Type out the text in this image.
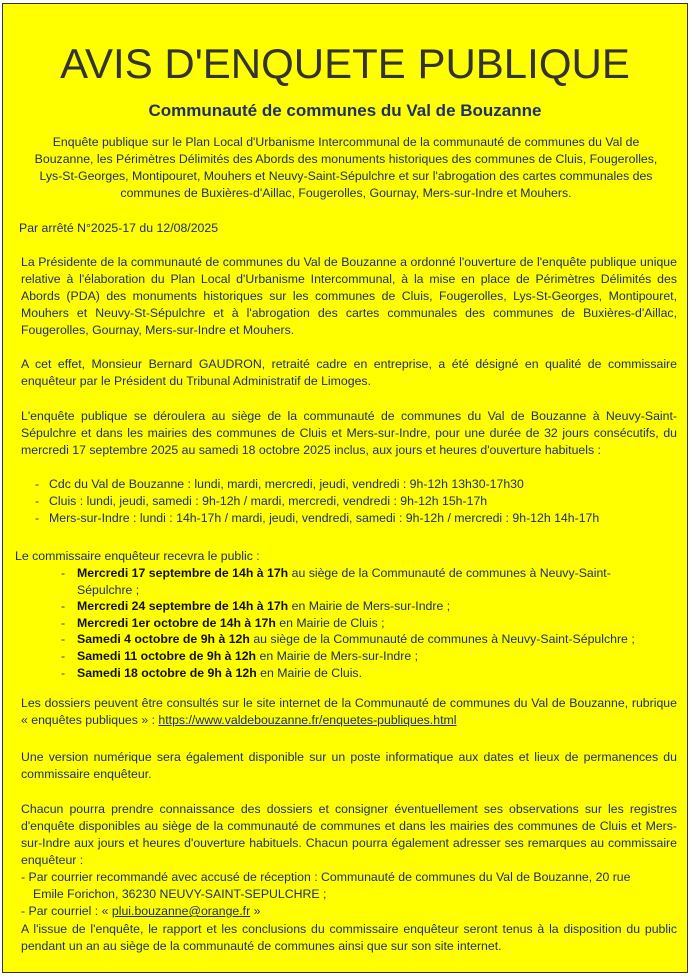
AVIS D'ENQUETE PUBLIQUE
Communauté de communes du Val de Bouzanne
Enquête publique sur le Plan Local d'Urbanisme Intercommunal de la communauté de communes du Val de Bouzanne, les Périmètres Délimités des Abords des monuments historiques des communes de Cluis, Fougerolles, Lys-St-Georges, Montipouret, Mouhers et Neuvy-Saint-Sépulchre et sur l'abrogation des cartes communales des communes de Buxières-d'Aillac, Fougerolles, Gournay, Mers-sur-Indre et Mouhers.
Par arrêté N°2025-17 du 12/08/2025
La Présidente de la communauté de communes du Val de Bouzanne a ordonné l'ouverture de l'enquête publique unique relative à l'élaboration du Plan Local d'Urbanisme Intercommunal, à la mise en place de Périmètres Délimités des Abords (PDA) des monuments historiques sur les communes de Cluis, Fougerolles, Lys-St-Georges, Montipouret, Mouhers et Neuvy-St-Sépulchre et à l'abrogation des cartes communales des communes de Buxières-d'Aillac, Fougerolles, Gournay, Mers-sur-Indre et Mouhers.
A cet effet, Monsieur Bernard GAUDRON, retraité cadre en entreprise, a été désigné en qualité de commissaire enquêteur par le Président du Tribunal Administratif de Limoges.
L'enquête publique se déroulera au siège de la communauté de communes du Val de Bouzanne à Neuvy-Saint-Sépulchre et dans les mairies des communes de Cluis et Mers-sur-Indre, pour une durée de 32 jours consécutifs, du mercredi 17 septembre 2025 au samedi 18 octobre 2025 inclus, aux jours et heures d'ouverture habituels :
- Cdc du Val de Bouzanne : lundi, mardi, mercredi, jeudi, vendredi : 9h-12h 13h30-17h30
- Cluis : lundi, jeudi, samedi : 9h-12h / mardi, mercredi, vendredi : 9h-12h 15h-17h
- Mers-sur-Indre : lundi : 14h-17h / mardi, jeudi, vendredi, samedi : 9h-12h / mercredi : 9h-12h 14h-17h
Le commissaire enquêteur recevra le public :
- Mercredi 17 septembre de 14h à 17h au siège de la Communauté de communes à Neuvy-Saint-Sépulchre ;
- Mercredi 24 septembre de 14h à 17h en Mairie de Mers-sur-Indre ;
- Mercredi 1er octobre de 14h à 17h en Mairie de Cluis ;
- Samedi 4 octobre de 9h à 12h au siège de la Communauté de communes à Neuvy-Saint-Sépulchre ;
- Samedi 11 octobre de 9h à 12h en Mairie de Mers-sur-Indre ;
- Samedi 18 octobre de 9h à 12h en Mairie de Cluis.
Les dossiers peuvent être consultés sur le site internet de la Communauté de communes du Val de Bouzanne, rubrique « enquêtes publiques » : https://www.valdebouzanne.fr/enquetes-publiques.html
Une version numérique sera également disponible sur un poste informatique aux dates et lieux de permanences du commissaire enquêteur.
Chacun pourra prendre connaissance des dossiers et consigner éventuellement ses observations sur les registres d'enquête disponibles au siège de la communauté de communes et dans les mairies des communes de Cluis et Mers-sur-Indre aux jours et heures d'ouverture habituels. Chacun pourra également adresser ses remarques au commissaire enquêteur :
- Par courrier recommandé avec accusé de réception : Communauté de communes du Val de Bouzanne, 20 rue
Emile Forichon, 36230 NEUVY-SAINT-SEPULCHRE ;
- Par courriel : « plui.bouzanne@orange.fr »
A l'issue de l'enquête, le rapport et les conclusions du commissaire enquêteur seront tenus à la disposition du public pendant un an au siège de la communauté de communes ainsi que sur son site internet.
